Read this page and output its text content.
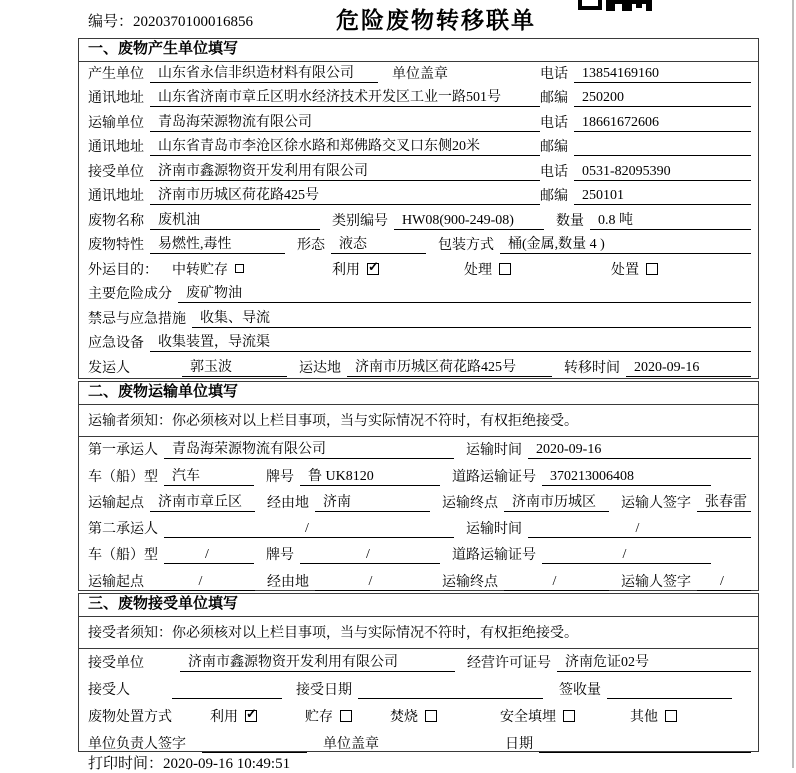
编号：2020370100016856	危险废物转移联单
一、废物产生单位填写
产生单位	山东省永信非织造材料有限公司	单位盖章	电话	13854169160
通讯地址	山东省济南市章丘区明水经济技术开发区工业一路501号	邮编	250200
运输单位	青岛海荣源物流有限公司	电话	18661672606
通讯地址	山东省青岛市李沧区徐水路和郑佛路交叉口东侧20米	邮编
接受单位	济南市鑫源物资开发利用有限公司	电话	0531-82095390
通讯地址	济南市历城区荷花路425号	邮编	250101
废物名称	废机油	类别编号	HW08(900-249-08)	数量	0.8 吨
废物特性	易燃性,毒性	形态	液态	包装方式	桶(金属,数量 4 )
外运目的： 中转贮存	利用 ✓	处理	处置
主要危险成分	废矿物油
禁忌与应急措施	收集、导流
应急设备	收集装置，导流渠
发运人	郭玉波	运达地	济南市历城区荷花路425号	转移时间	2020-09-16
二、废物运输单位填写
运输者须知：你必须核对以上栏目事项，当与实际情况不符时，有权拒绝接受。
第一承运人	青岛海荣源物流有限公司	运输时间	2020-09-16
车（船）型	汽车	牌号	鲁 UK8120	道路运输证号	370213006408
运输起点	济南市章丘区	经由地	济南	运输终点	济南市历城区	运输人签字	张春雷
第二承运人	/	运输时间	/
车（船）型	/	牌号	/	道路运输证号	/
运输起点	/	经由地	/	运输终点	/	运输人签字	/
三、废物接受单位填写
接受者须知：你必须核对以上栏目事项，当与实际情况不符时，有权拒绝接受。
接受单位	济南市鑫源物资开发利用有限公司	经营许可证号	济南危证02号
接受人	接受日期	签收量
废物处置方式	利用 ✓	贮存	焚烧	安全填埋	其他
单位负责人签字	单位盖章	日期
打印时间：2020-09-16 10:49:51
